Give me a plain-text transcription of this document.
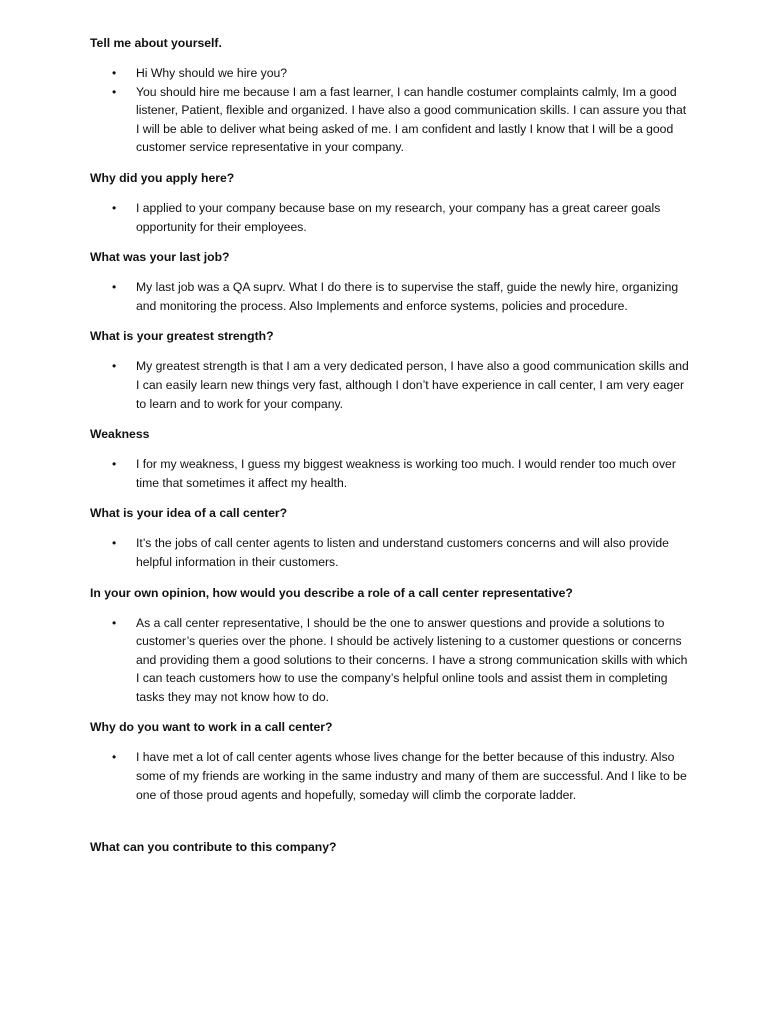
Tell me about yourself.

• Hi Why should we hire you?
• You should hire me because I am a fast learner, I can handle costumer complaints calmly, Im a good listener, Patient, flexible and organized. I have also a good communication skills. I can assure you that I will be able to deliver what being asked of me. I am confident and lastly I know that I will be a good customer service representative in your company.

Why did you apply here?

• I applied to your company because base on my research, your company has a great career goals opportunity for their employees.

What was your last job?

• My last job was a QA suprv. What I do there is to supervise the staff, guide the newly hire, organizing and monitoring the process. Also Implements and enforce systems, policies and procedure.

What is your greatest strength?

• My greatest strength is that I am a very dedicated person, I have also a good communication skills and I can easily learn new things very fast, although I don’t have experience in call center, I am very eager to learn and to work for your company.

Weakness

• I for my weakness, I guess my biggest weakness is working too much. I would render too much over time that sometimes it affect my health.

What is your idea of a call center?

• It’s the jobs of call center agents to listen and understand customers concerns and will also provide helpful information in their customers.

In your own opinion, how would you describe a role of a call center representative?

• As a call center representative, I should be the one to answer questions and provide a solutions to customer’s queries over the phone. I should be actively listening to a customer questions or concerns and providing them a good solutions to their concerns. I have a strong communication skills with which I can teach customers how to use the company’s helpful online tools and assist them in completing tasks they may not know how to do.

Why do you want to work in a call center?

• I have met a lot of call center agents whose lives change for the better because of this industry. Also some of my friends are working in the same industry and many of them are successful. And I like to be one of those proud agents and hopefully, someday will climb the corporate ladder.

What can you contribute to this company?
